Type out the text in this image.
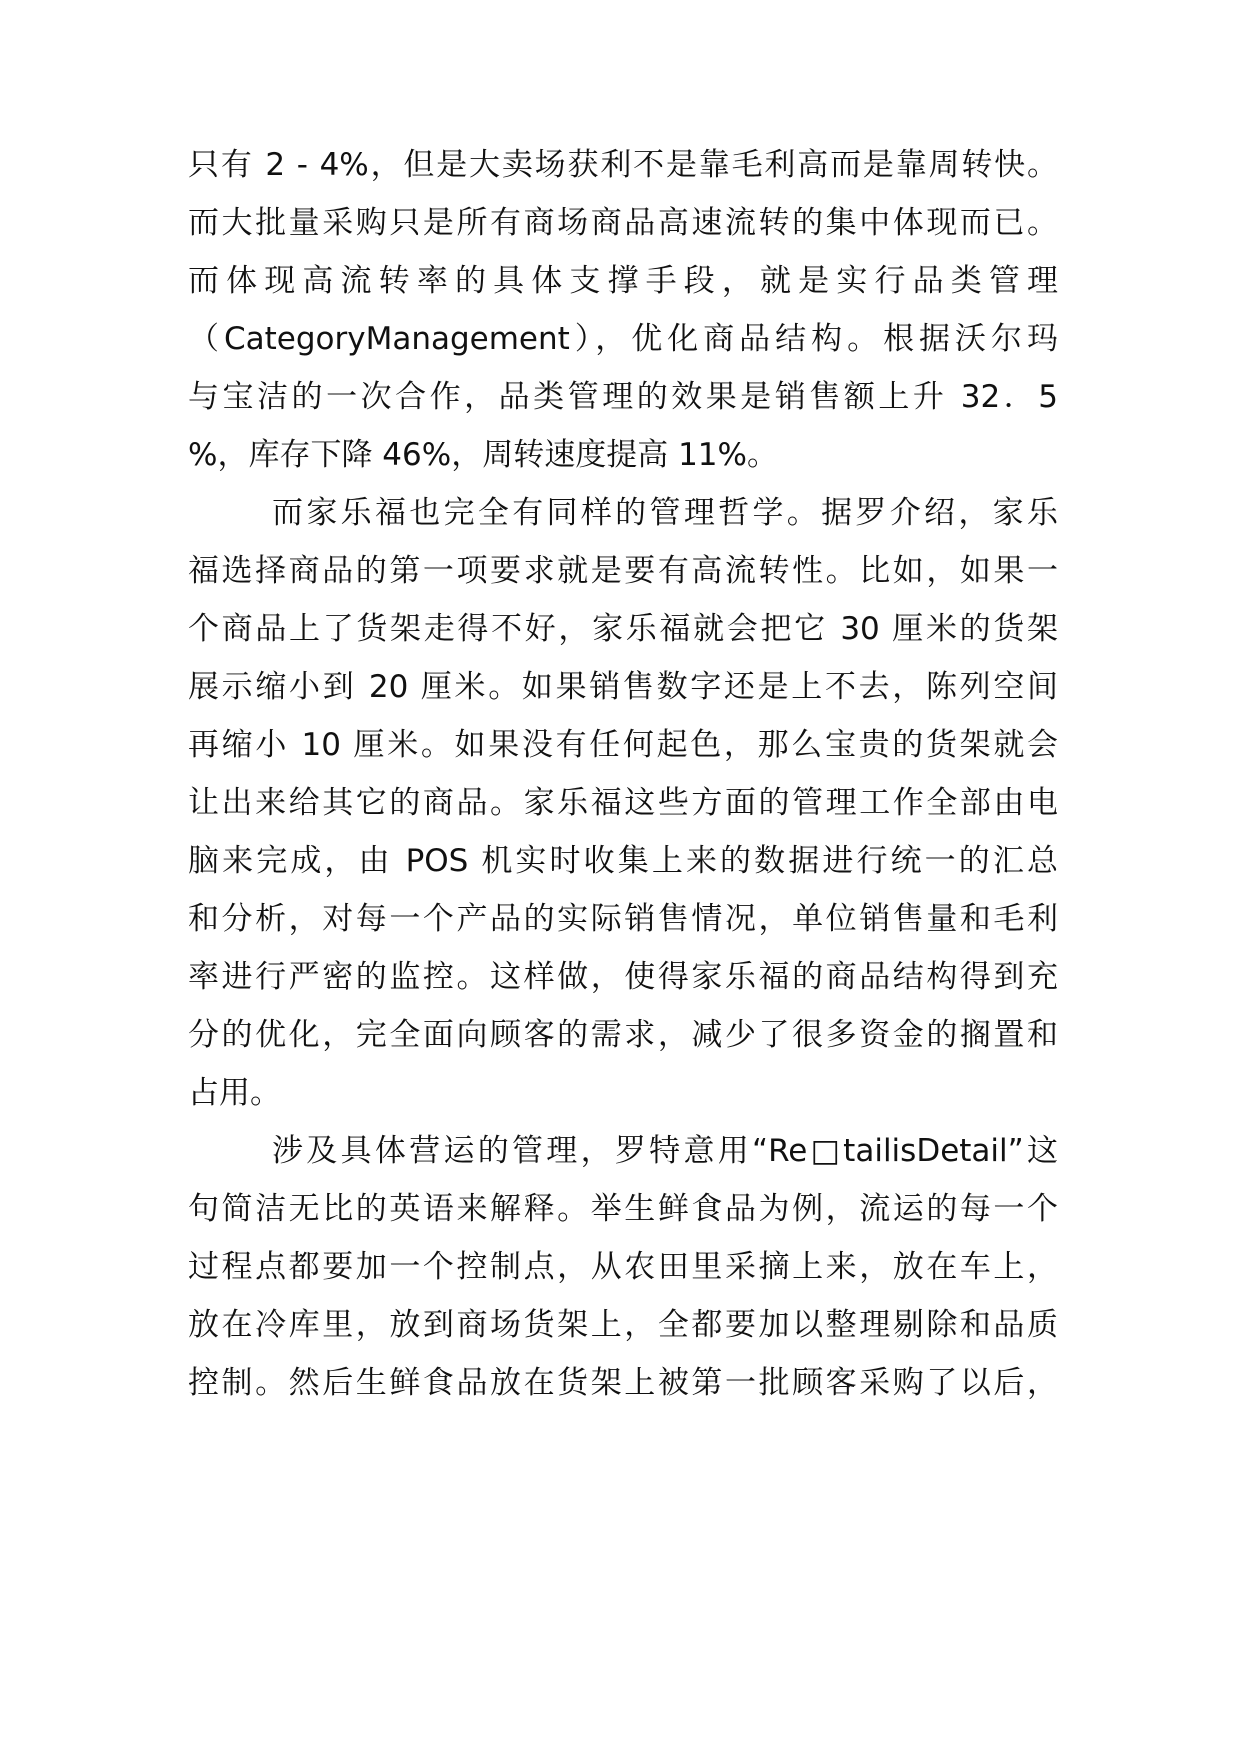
只有 2 - 4%，但是大卖场获利不是靠毛利高而是靠周转快。
而大批量采购只是所有商场商品高速流转的集中体现而已。
而体现高流转率的具体支撑手段，就是实行品类管理
（CategoryManagement），优化商品结构。根据沃尔玛
与宝洁的一次合作，品类管理的效果是销售额上升 32．5
%，库存下降 46%，周转速度提高 11%。
而家乐福也完全有同样的管理哲学。据罗介绍，家乐
福选择商品的第一项要求就是要有高流转性。比如，如果一
个商品上了货架走得不好，家乐福就会把它 30 厘米的货架
展示缩小到 20 厘米。如果销售数字还是上不去，陈列空间
再缩小 10 厘米。如果没有任何起色，那么宝贵的货架就会
让出来给其它的商品。家乐福这些方面的管理工作全部由电
脑来完成，由 POS 机实时收集上来的数据进行统一的汇总
和分析，对每一个产品的实际销售情况，单位销售量和毛利
率进行严密的监控。这样做，使得家乐福的商品结构得到充
分的优化，完全面向顾客的需求，减少了很多资金的搁置和
占用。
涉及具体营运的管理，罗特意用“Re□tailisDetail”这
句简洁无比的英语来解释。举生鲜食品为例，流运的每一个
过程点都要加一个控制点，从农田里采摘上来，放在车上，
放在冷库里，放到商场货架上，全都要加以整理剔除和品质
控制。然后生鲜食品放在货架上被第一批顾客采购了以后，
